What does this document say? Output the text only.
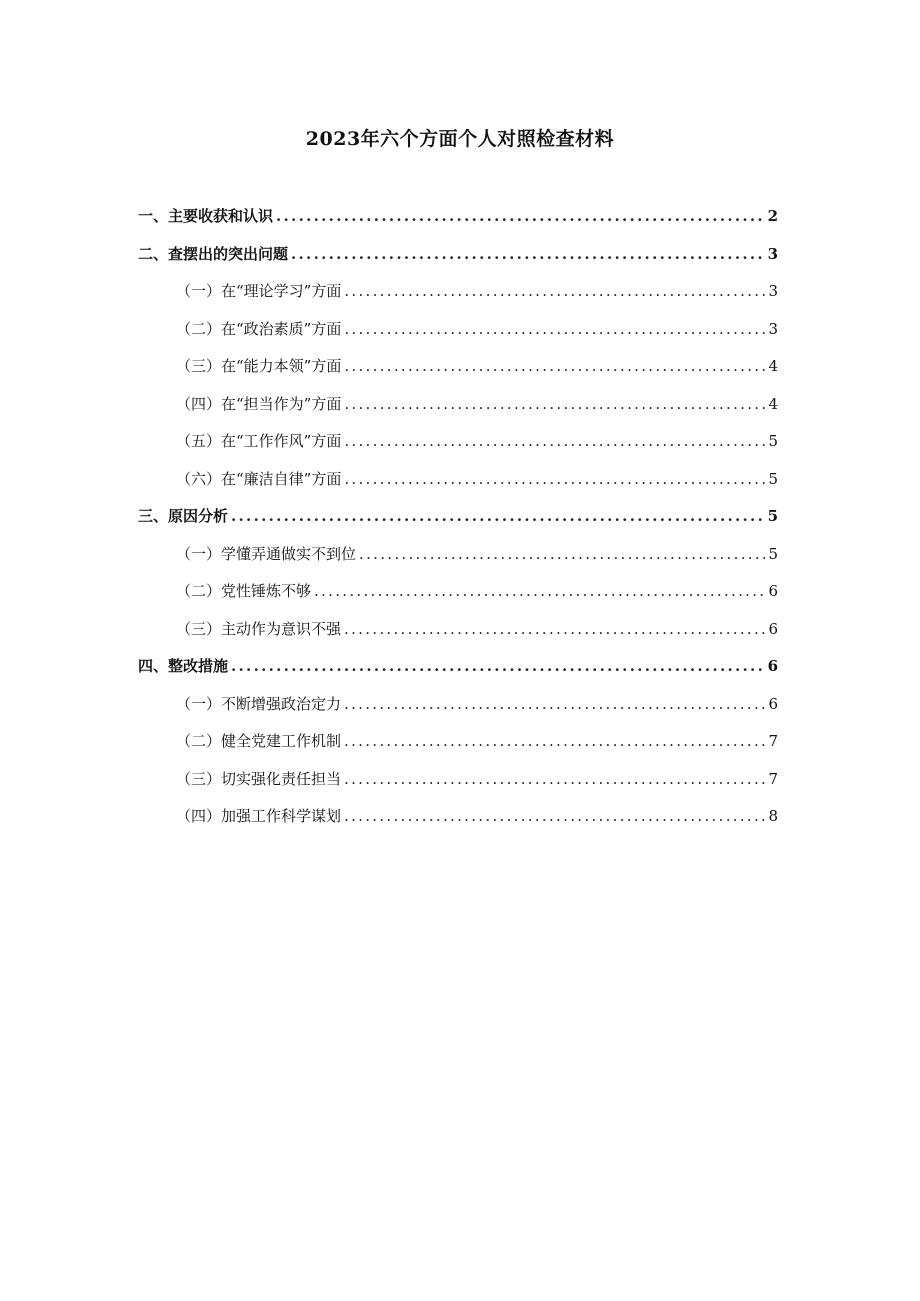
2023年六个方面个人对照检查材料
一、主要收获和认识 .....	2
二、查摆出的突出问题 .....	3
（一）在“理论学习”方面 .....	3
（二）在“政治素质”方面 .....	3
（三）在“能力本领”方面 .....	4
（四）在“担当作为”方面 .....	4
（五）在“工作作风”方面 .....	5
（六）在“廉洁自律”方面 .....	5
三、原因分析 .....	5
（一）学懂弄通做实不到位 .....	5
（二）党性锤炼不够 .....	6
（三）主动作为意识不强 .....	6
四、整改措施 .....	6
（一）不断增强政治定力 .....	6
（二）健全党建工作机制 .....	7
（三）切实强化责任担当 .....	7
（四）加强工作科学谋划 .....	8
